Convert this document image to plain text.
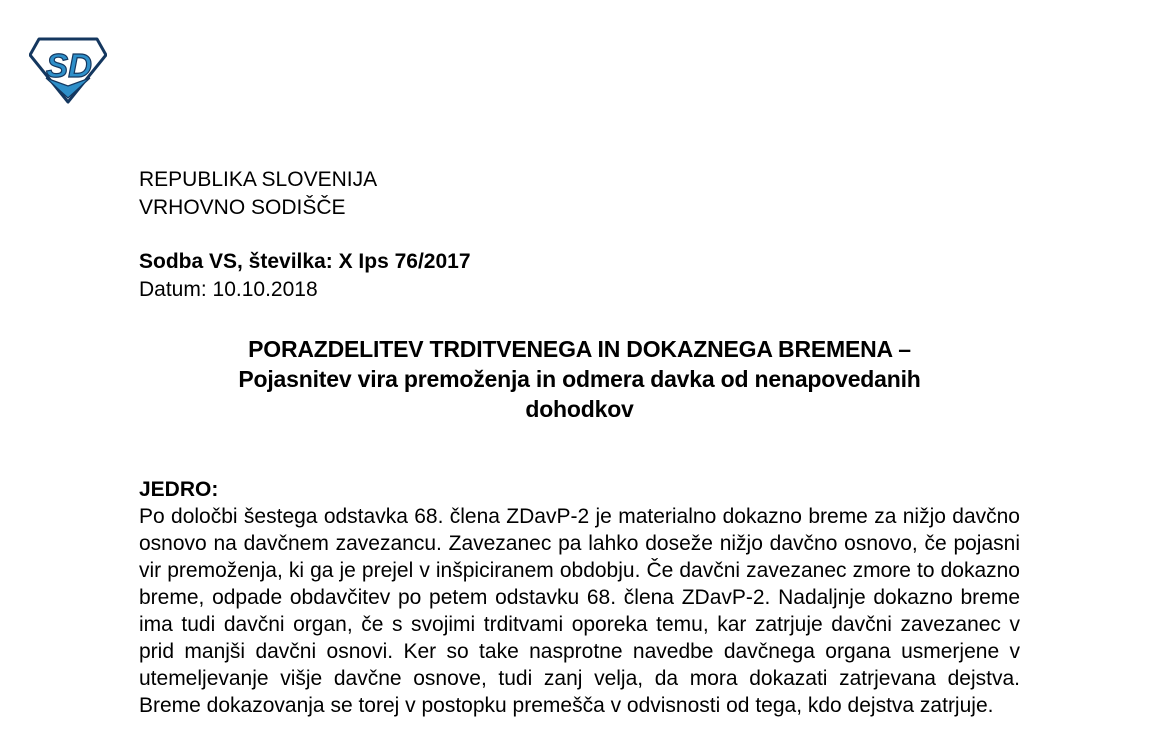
SD
REPUBLIKA SLOVENIJA
VRHOVNO SODIŠČE
Sodba VS, številka: X Ips 76/2017
Datum: 10.10.2018
PORAZDELITEV TRDITVENEGA IN DOKAZNEGA BREMENA –
Pojasnitev vira premoženja in odmera davka od nenapovedanih
dohodkov
JEDRO:

Po določbi šestega odstavka 68. člena ZDavP-2 je materialno dokazno breme za nižjo davčno osnovo na davčnem zavezancu. Zavezanec pa lahko doseže nižjo davčno osnovo, če pojasni vir premoženja, ki ga je prejel v inšpiciranem obdobju. Če davčni zavezanec zmore to dokazno breme, odpade obdavčitev po petem odstavku 68. člena ZDavP-2. Nadaljnje dokazno breme ima tudi davčni organ, če s svojimi trditvami oporeka temu, kar zatrjuje davčni zavezanec v prid manjši davčni osnovi. Ker so take nasprotne navedbe davčnega organa usmerjene v utemeljevanje višje davčne osnove, tudi zanj velja, da mora dokazati zatrjevana dejstva. Breme dokazovanja se torej v postopku premešča v odvisnosti od tega, kdo dejstva zatrjuje.
